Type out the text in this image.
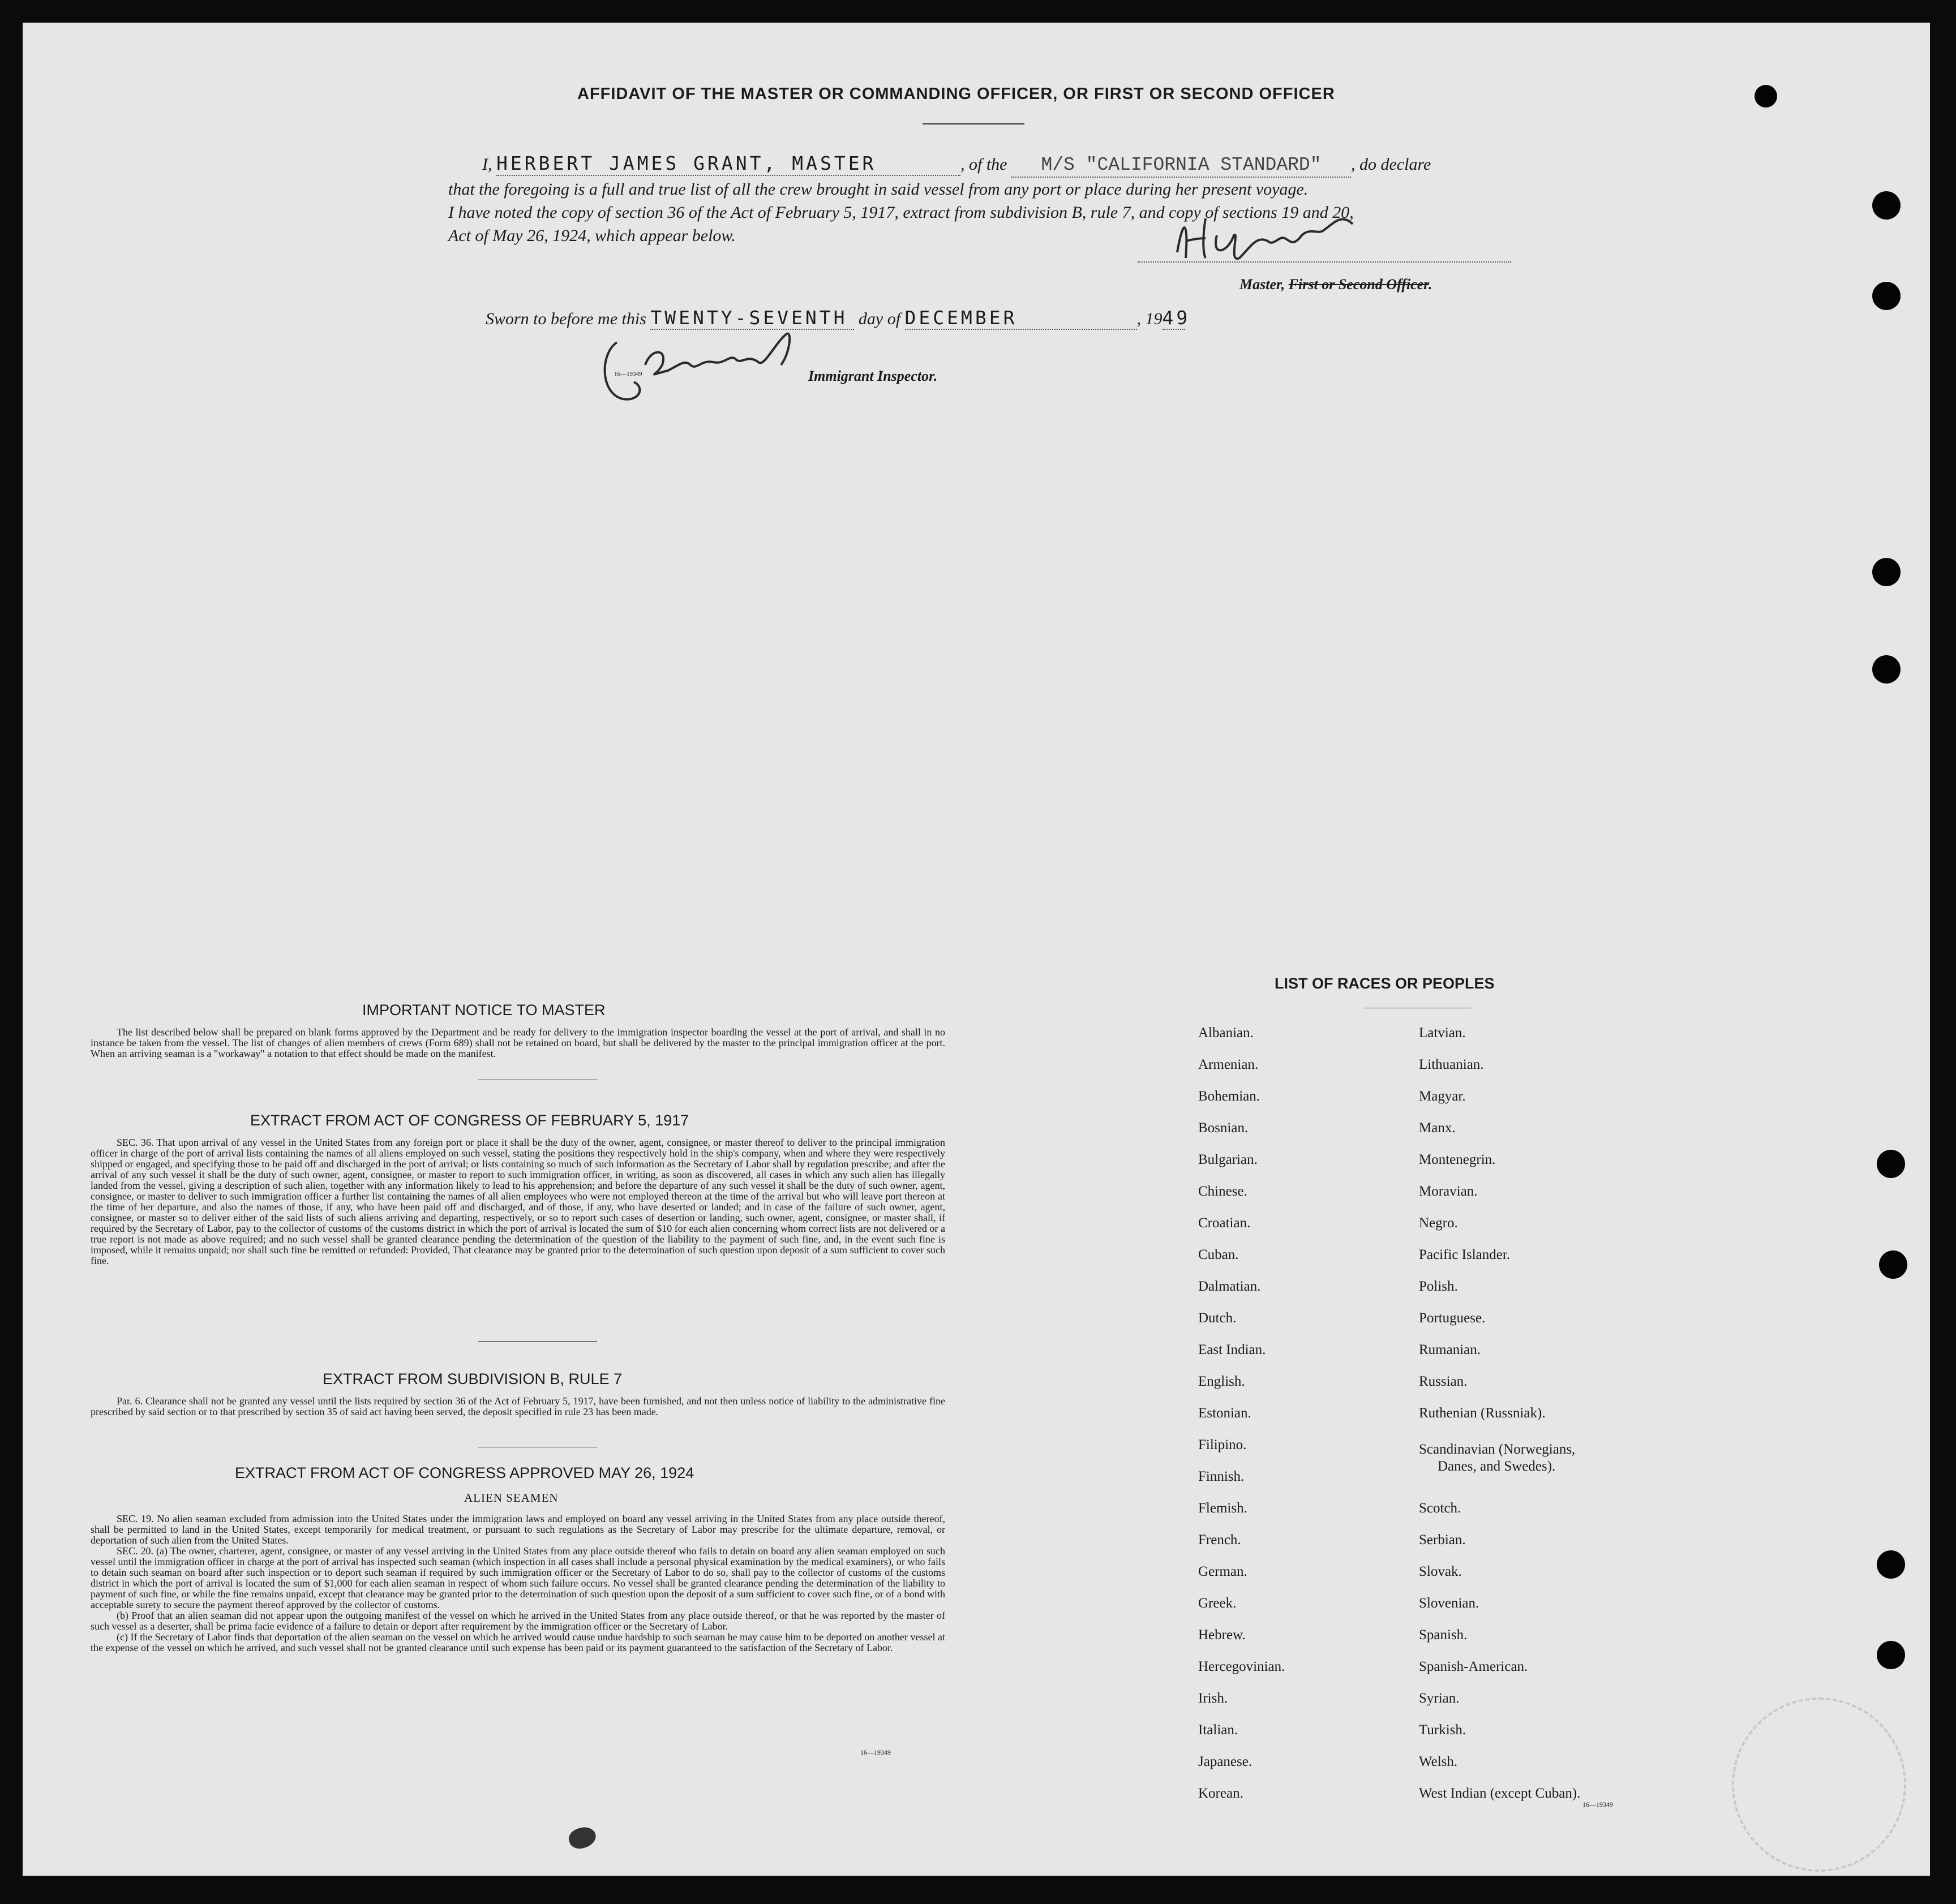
AFFIDAVIT OF THE MASTER OR COMMANDING OFFICER, OR FIRST OR SECOND OFFICER
I, HERBERT JAMES GRANT, MASTER	, of the M/S "CALIFORNIA STANDARD" , do declare
that the foregoing is a full and true list of all the crew brought in said vessel from any port or place during her present voyage.
I have noted the copy of section 36 of the Act of February 5, 1917, extract from subdivision B, rule 7, and copy of sections 19 and 20,
Act of May 26, 1924, which appear below.
Master, First or Second Officer.
Sworn to before me this TWENTY-SEVENTH day of DECEMBER	, 1949
16—19349	Immigrant Inspector.
IMPORTANT NOTICE TO MASTER
The list described below shall be prepared on blank forms approved by the Department and be ready for delivery to the immigration inspector boarding the vessel at the port of arrival, and shall in no instance be taken from the vessel. The list of changes of alien members of crews (Form 689) shall not be retained on board, but shall be delivered by the master to the principal immigration officer at the port. When an arriving seaman is a "workaway" a notation to that effect should be made on the manifest.
EXTRACT FROM ACT OF CONGRESS OF FEBRUARY 5, 1917
SEC. 36. That upon arrival of any vessel in the United States from any foreign port or place it shall be the duty of the owner, agent, consignee, or master thereof to deliver to the principal immigration officer in charge of the port of arrival lists containing the names of all aliens employed on such vessel, stating the positions they respectively hold in the ship's company, when and where they were respectively shipped or engaged, and specifying those to be paid off and discharged in the port of arrival; or lists containing so much of such information as the Secretary of Labor shall by regulation prescribe; and after the arrival of any such vessel it shall be the duty of such owner, agent, consignee, or master to report to such immigration officer, in writing, as soon as discovered, all cases in which any such alien has illegally landed from the vessel, giving a description of such alien, together with any information likely to lead to his apprehension; and before the departure of any such vessel it shall be the duty of such owner, agent, consignee, or master to deliver to such immigration officer a further list containing the names of all alien employees who were not employed thereon at the time of the arrival but who will leave port thereon at the time of her departure, and also the names of those, if any, who have been paid off and discharged, and of those, if any, who have deserted or landed; and in case of the failure of such owner, agent, consignee, or master so to deliver either of the said lists of such aliens arriving and departing, respectively, or so to report such cases of desertion or landing, such owner, agent, consignee, or master shall, if required by the Secretary of Labor, pay to the collector of customs of the customs district in which the port of arrival is located the sum of $10 for each alien concerning whom correct lists are not delivered or a true report is not made as above required; and no such vessel shall be granted clearance pending the determination of the question of the liability to the payment of such fine, and, in the event such fine is imposed, while it remains unpaid; nor shall such fine be remitted or refunded: Provided, That clearance may be granted prior to the determination of such question upon deposit of a sum sufficient to cover such fine.
EXTRACT FROM SUBDIVISION B, RULE 7
Par. 6. Clearance shall not be granted any vessel until the lists required by section 36 of the Act of February 5, 1917, have been furnished, and not then unless notice of liability to the administrative fine prescribed by said section or to that prescribed by section 35 of said act having been served, the deposit specified in rule 23 has been made.
EXTRACT FROM ACT OF CONGRESS APPROVED MAY 26, 1924
ALIEN SEAMEN

SEC. 19. No alien seaman excluded from admission into the United States under the immigration laws and employed on board any vessel arriving in the United States from any place outside thereof, shall be permitted to land in the United States, except temporarily for medical treatment, or pursuant to such regulations as the Secretary of Labor may prescribe for the ultimate departure, removal, or deportation of such alien from the United States.

SEC. 20. (a) The owner, charterer, agent, consignee, or master of any vessel arriving in the United States from any place outside thereof who fails to detain on board any alien seaman employed on such vessel until the immigration officer in charge at the port of arrival has inspected such seaman (which inspection in all cases shall include a personal physical examination by the medical examiners), or who fails to detain such seaman on board after such inspection or to deport such seaman if required by such immigration officer or the Secretary of Labor to do so, shall pay to the collector of customs of the customs district in which the port of arrival is located the sum of $1,000 for each alien seaman in respect of whom such failure occurs. No vessel shall be granted clearance pending the determination of the liability to payment of such fine, or while the fine remains unpaid, except that clearance may be granted prior to the determination of such question upon the deposit of a sum sufficient to cover such fine, or of a bond with acceptable surety to secure the payment thereof approved by the collector of customs.

(b) Proof that an alien seaman did not appear upon the outgoing manifest of the vessel on which he arrived in the United States from any place outside thereof, or that he was reported by the master of such vessel as a deserter, shall be prima facie evidence of a failure to detain or deport after requirement by the immigration officer or the Secretary of Labor.

(c) If the Secretary of Labor finds that deportation of the alien seaman on the vessel on which he arrived would cause undue hardship to such seaman he may cause him to be deported on another vessel at the expense of the vessel on which he arrived, and such vessel shall not be granted clearance until such expense has been paid or its payment guaranteed to the satisfaction of the Secretary of Labor.

16—19349
LIST OF RACES OR PEOPLES
Albanian.
Armenian.
Bohemian.
Bosnian.
Bulgarian.
Chinese.
Croatian.
Cuban.
Dalmatian.
Dutch.
East Indian.
English.
Estonian.
Filipino.
Finnish.
Flemish.
French.
German.
Greek.
Hebrew.
Hercegovinian.
Irish.
Italian.
Japanese.
Korean.
Latvian.
Lithuanian.
Magyar.
Manx.
Montenegrin.
Moravian.
Negro.
Pacific Islander.
Polish.
Portuguese.
Rumanian.
Russian.
Ruthenian (Russniak).
Scandinavian (Norwegians,
Danes, and Swedes).
Scotch.
Serbian.
Slovak.
Slovenian.
Spanish.
Spanish-American.
Syrian.
Turkish.
Welsh.
West Indian (except Cuban).
16—19349
